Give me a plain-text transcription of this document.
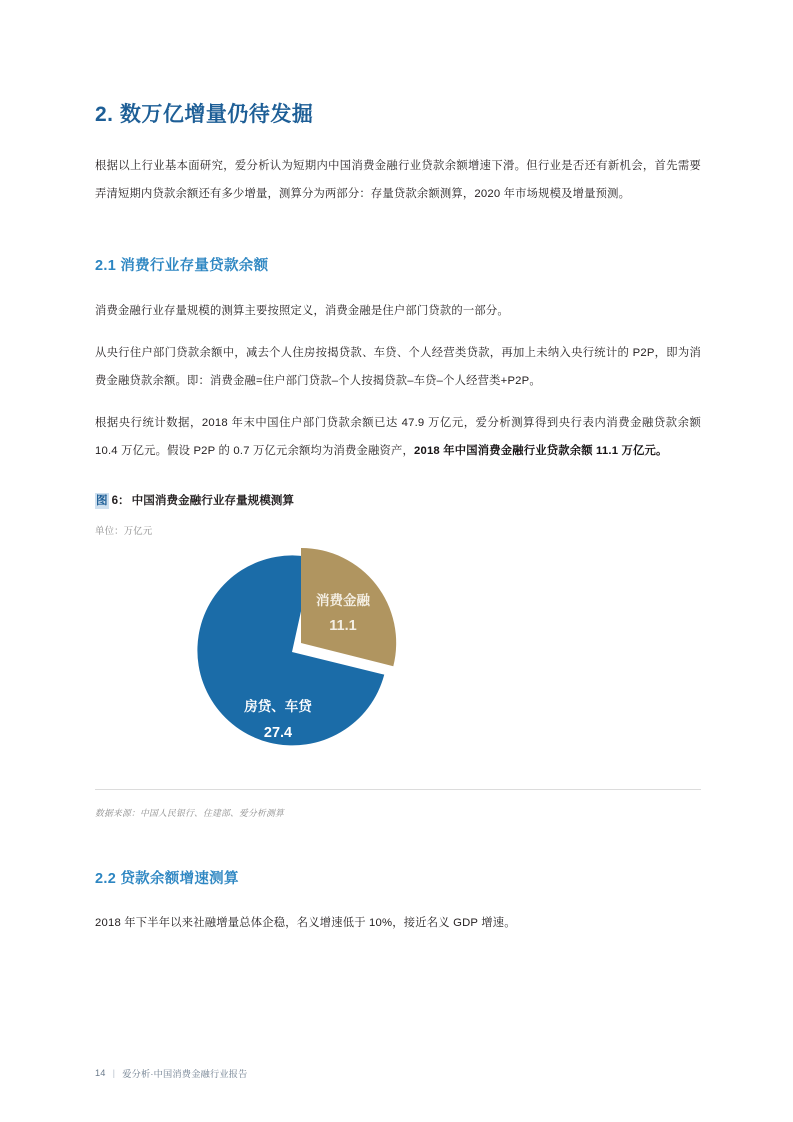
2. 数万亿增量仍待发掘

根据以上行业基本面研究，爱分析认为短期内中国消费金融行业贷款余额增速下滑。但行业是否还有新机会，首先需要弄清短期内贷款余额还有多少增量，测算分为两部分：存量贷款余额测算，2020 年市场规模及增量预测。

2.1 消费行业存量贷款余额

消费金融行业存量规模的测算主要按照定义，消费金融是住户部门贷款的一部分。

从央行住户部门贷款余额中，减去个人住房按揭贷款、车贷、个人经营类贷款，再加上未纳入央行统计的 P2P，即为消费金融贷款余额。即：消费金融=住户部门贷款–个人按揭贷款–车贷–个人经营类+P2P。

根据央行统计数据，2018 年末中国住户部门贷款余额已达 47.9 万亿元，爱分析测算得到央行表内消费金融贷款余额 10.4 万亿元。假设 P2P 的 0.7 万亿元余额均为消费金融资产，2018 年中国消费金融行业贷款余额 11.1 万亿元。

图 6： 中国消费金融行业存量规模测算

单位：万亿元

房贷、车贷
27.4
消费金融
11.1

数据来源：中国人民银行、住建部、爱分析测算

2.2 贷款余额增速测算

2018 年下半年以来社融增量总体企稳，名义增速低于 10%，接近名义 GDP 增速。

14 | 爱分析·中国消费金融行业报告
